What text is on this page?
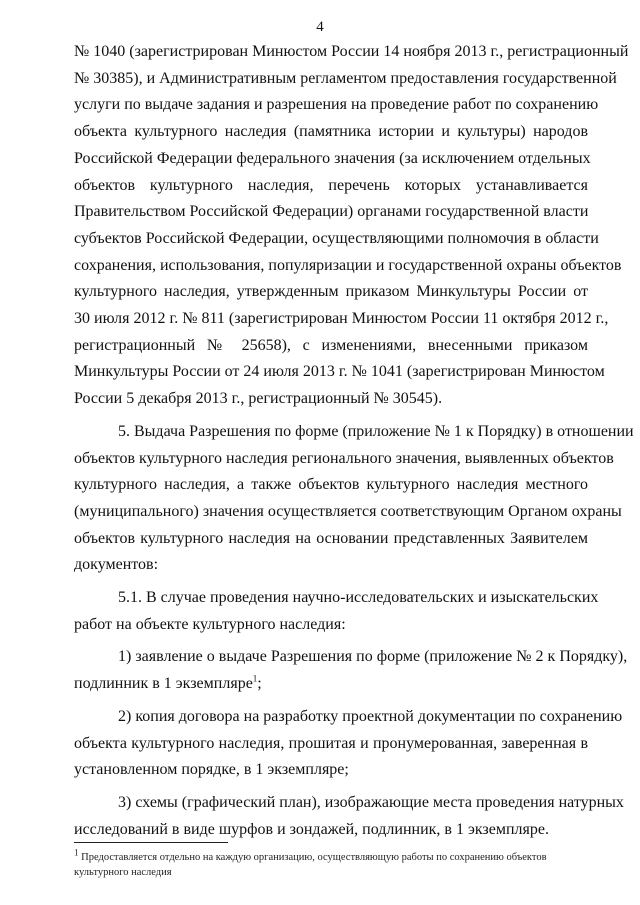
4
№ 1040 (зарегистрирован Минюстом России 14 ноября 2013 г., регистрационный
№ 30385), и Административным регламентом предоставления государственной
услуги по выдаче задания и разрешения на проведение работ по сохранению
объекта культурного наследия (памятника истории и культуры) народов
Российской Федерации федерального значения (за исключением отдельных
объектов культурного наследия, перечень которых устанавливается
Правительством Российской Федерации) органами государственной власти
субъектов Российской Федерации, осуществляющими полномочия в области
сохранения, использования, популяризации и государственной охраны объектов
культурного наследия, утвержденным приказом Минкультуры России от
30 июля 2012 г. № 811 (зарегистрирован Минюстом России 11 октября 2012 г.,
регистрационный № 25658), с изменениями, внесенными приказом
Минкультуры России от 24 июля 2013 г. № 1041 (зарегистрирован Минюстом
России 5 декабря 2013 г., регистрационный № 30545).
5. Выдача Разрешения по форме (приложение № 1 к Порядку) в отношении
объектов культурного наследия регионального значения, выявленных объектов
культурного наследия, а также объектов культурного наследия местного
(муниципального) значения осуществляется соответствующим Органом охраны
объектов культурного наследия на основании представленных Заявителем
документов:
5.1. В случае проведения научно-исследовательских и изыскательских
работ на объекте культурного наследия:
1) заявление о выдаче Разрешения по форме (приложение № 2 к Порядку),
подлинник в 1 экземпляре$^1$;
2) копия договора на разработку проектной документации по сохранению
объекта культурного наследия, прошитая и пронумерованная, заверенная в
установленном порядке, в 1 экземпляре;
3) схемы (графический план), изображающие места проведения натурных
исследований в виде шурфов и зондажей, подлинник, в 1 экземпляре.
$^1$ Предоставляется отдельно на каждую организацию, осуществляющую работы по сохранению объектов
культурного наследия
